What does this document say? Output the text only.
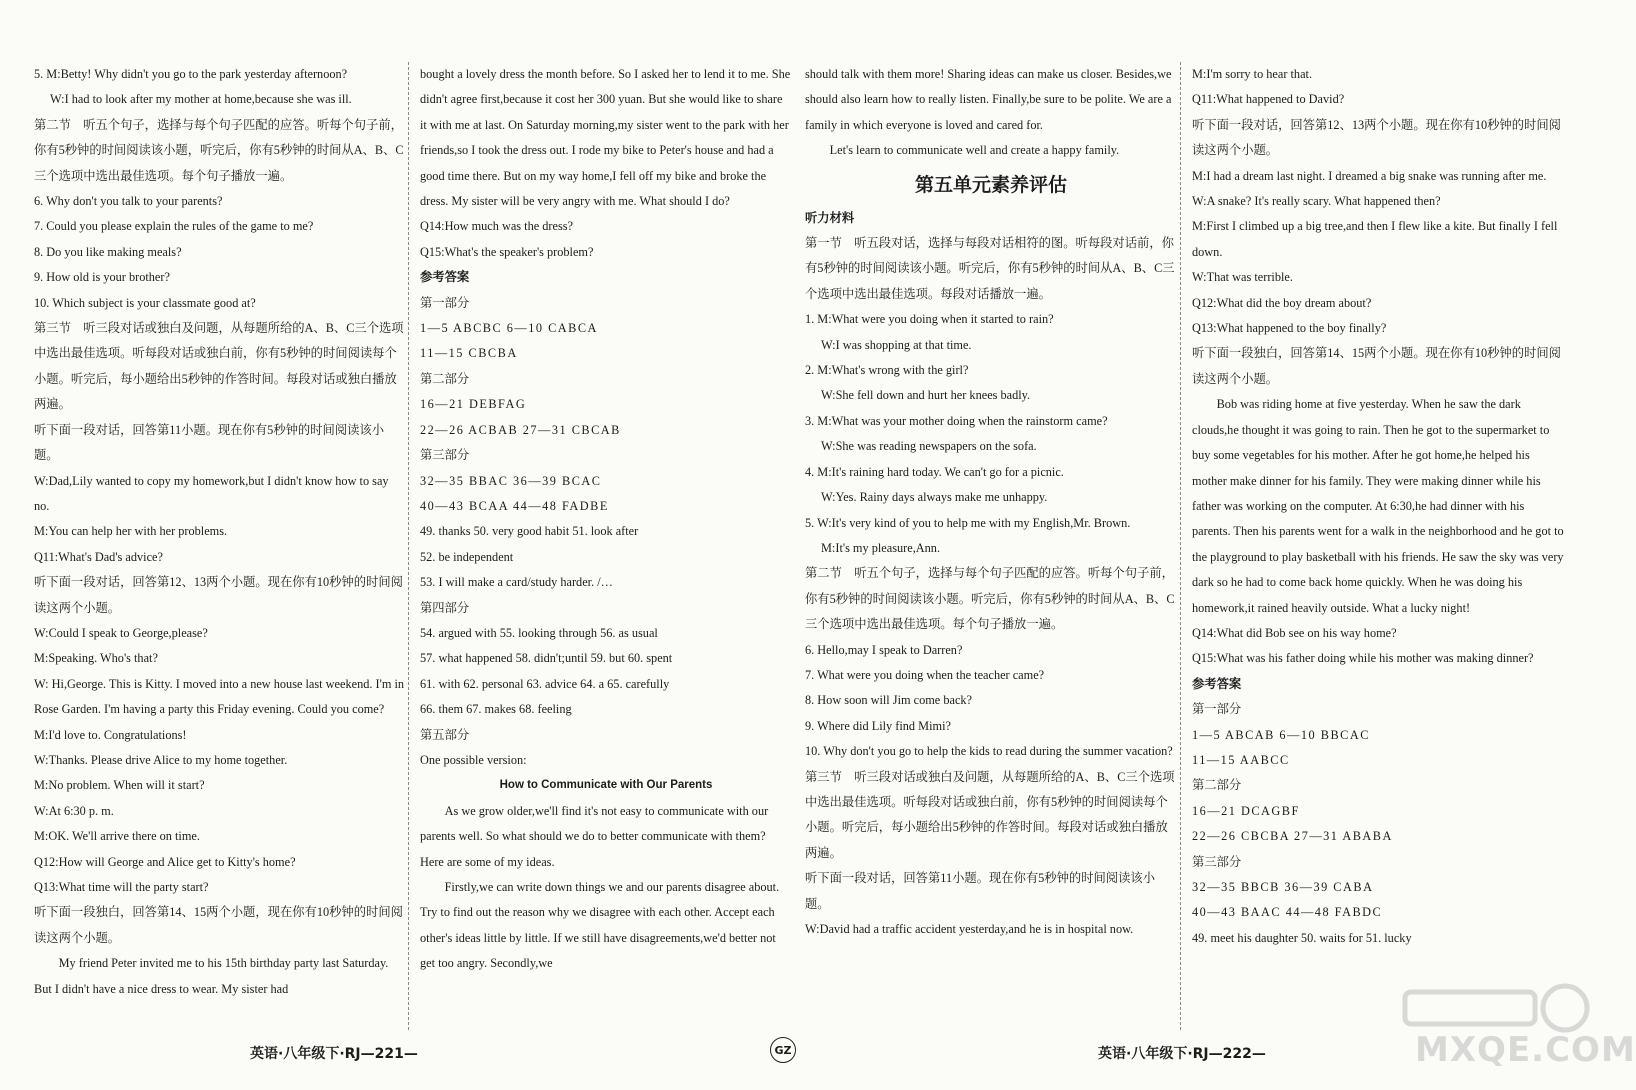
5. M:Betty! Why didn't you go to the park yesterday afternoon?

W:I had to look after my mother at home,because she was ill.

第二节　听五个句子，选择与每个句子匹配的应答。听每个句子前，你有5秒钟的时间阅读该小题，听完后，你有5秒钟的时间从A、B、C三个选项中选出最佳选项。每个句子播放一遍。

6. Why don't you talk to your parents?

7. Could you please explain the rules of the game to me?

8. Do you like making meals?

9. How old is your brother?

10. Which subject is your classmate good at?

第三节　听三段对话或独白及问题，从每题所给的A、B、C三个选项中选出最佳选项。听每段对话或独白前，你有5秒钟的时间阅读每个小题。听完后，每小题给出5秒钟的作答时间。每段对话或独白播放两遍。

听下面一段对话，回答第11小题。现在你有5秒钟的时间阅读该小题。

W:Dad,Lily wanted to copy my homework,but I didn't know how to say no.

M:You can help her with her problems.

Q11:What's Dad's advice?

听下面一段对话，回答第12、13两个小题。现在你有10秒钟的时间阅读这两个小题。

W:Could I speak to George,please?

M:Speaking. Who's that?

W: Hi,George. This is Kitty. I moved into a new house last weekend. I'm in Rose Garden. I'm having a party this Friday evening. Could you come?

M:I'd love to. Congratulations!

W:Thanks. Please drive Alice to my home together.

M:No problem. When will it start?

W:At 6:30 p. m.

M:OK. We'll arrive there on time.

Q12:How will George and Alice get to Kitty's home?

Q13:What time will the party start?

听下面一段独白，回答第14、15两个小题，现在你有10秒钟的时间阅读这两个小题。

My friend Peter invited me to his 15th birthday party last Saturday. But I didn't have a nice dress to wear. My sister had

bought a lovely dress the month before. So I asked her to lend it to me. She didn't agree first,because it cost her 300 yuan. But she would like to share it with me at last. On Saturday morning,my sister went to the park with her friends,so I took the dress out. I rode my bike to Peter's house and had a good time there. But on my way home,I fell off my bike and broke the dress. My sister will be very angry with me. What should I do?

Q14:How much was the dress?

Q15:What's the speaker's problem?

参考答案

第一部分

1—5 ABCBC 6—10 CABCA

11—15 CBCBA

第二部分

16—21 DEBFAG

22—26 ACBAB 27—31 CBCAB

第三部分

32—35 BBAC 36—39 BCAC

40—43 BCAA 44—48 FADBE

49. thanks 50. very good habit 51. look after

52. be independent

53. I will make a card/study harder. /…

第四部分

54. argued with 55. looking through 56. as usual

57. what happened 58. didn't;until 59. but 60. spent

61. with 62. personal 63. advice 64. a 65. carefully

66. them 67. makes 68. feeling

第五部分

One possible version:

How to Communicate with Our Parents

As we grow older,we'll find it's not easy to communicate with our parents well. So what should we do to better communicate with them? Here are some of my ideas.

Firstly,we can write down things we and our parents disagree about. Try to find out the reason why we disagree with each other. Accept each other's ideas little by little. If we still have disagreements,we'd better not get too angry. Secondly,we

should talk with them more! Sharing ideas can make us closer. Besides,we should also learn how to really listen. Finally,be sure to be polite. We are a family in which everyone is loved and cared for.

Let's learn to communicate well and create a happy family.

第五单元素养评估

听力材料

第一节　听五段对话，选择与每段对话相符的图。听每段对话前，你有5秒钟的时间阅读该小题。听完后，你有5秒钟的时间从A、B、C三个选项中选出最佳选项。每段对话播放一遍。

1. M:What were you doing when it started to rain?

W:I was shopping at that time.

2. M:What's wrong with the girl?

W:She fell down and hurt her knees badly.

3. M:What was your mother doing when the rainstorm came?

W:She was reading newspapers on the sofa.

4. M:It's raining hard today. We can't go for a picnic.

W:Yes. Rainy days always make me unhappy.

5. W:It's very kind of you to help me with my English,Mr. Brown.

M:It's my pleasure,Ann.

第二节　听五个句子，选择与每个句子匹配的应答。听每个句子前，你有5秒钟的时间阅读该小题。听完后，你有5秒钟的时间从A、B、C三个选项中选出最佳选项。每个句子播放一遍。

6. Hello,may I speak to Darren?

7. What were you doing when the teacher came?

8. How soon will Jim come back?

9. Where did Lily find Mimi?

10. Why don't you go to help the kids to read during the summer vacation?

第三节　听三段对话或独白及问题，从每题所给的A、B、C三个选项中选出最佳选项。听每段对话或独白前，你有5秒钟的时间阅读每个小题。听完后，每小题给出5秒钟的作答时间。每段对话或独白播放两遍。

听下面一段对话，回答第11小题。现在你有5秒钟的时间阅读该小题。

W:David had a traffic accident yesterday,and he is in hospital now.

M:I'm sorry to hear that.

Q11:What happened to David?

听下面一段对话，回答第12、13两个小题。现在你有10秒钟的时间阅读这两个小题。

M:I had a dream last night. I dreamed a big snake was running after me.

W:A snake? It's really scary. What happened then?

M:First I climbed up a big tree,and then I flew like a kite. But finally I fell down.

W:That was terrible.

Q12:What did the boy dream about?

Q13:What happened to the boy finally?

听下面一段独白，回答第14、15两个小题。现在你有10秒钟的时间阅读这两个小题。

Bob was riding home at five yesterday. When he saw the dark clouds,he thought it was going to rain. Then he got to the supermarket to buy some vegetables for his mother. After he got home,he helped his mother make dinner for his family. They were making dinner while his father was working on the computer. At 6:30,he had dinner with his parents. Then his parents went for a walk in the neighborhood and he got to the playground to play basketball with his friends. He saw the sky was very dark so he had to come back home quickly. When he was doing his homework,it rained heavily outside. What a lucky night!

Q14:What did Bob see on his way home?

Q15:What was his father doing while his mother was making dinner?

参考答案

第一部分

1—5 ABCAB 6—10 BBCAC

11—15 AABCC

第二部分

16—21 DCAGBF

22—26 CBCBA 27—31 ABABA

第三部分

32—35 BBCB 36—39 CABA

40—43 BAAC 44—48 FABDC

49. meet his daughter 50. waits for 51. lucky

英语·八年级下·RJ—221—	GZ	英语·八年级下·RJ—222—	MXQE.COM
